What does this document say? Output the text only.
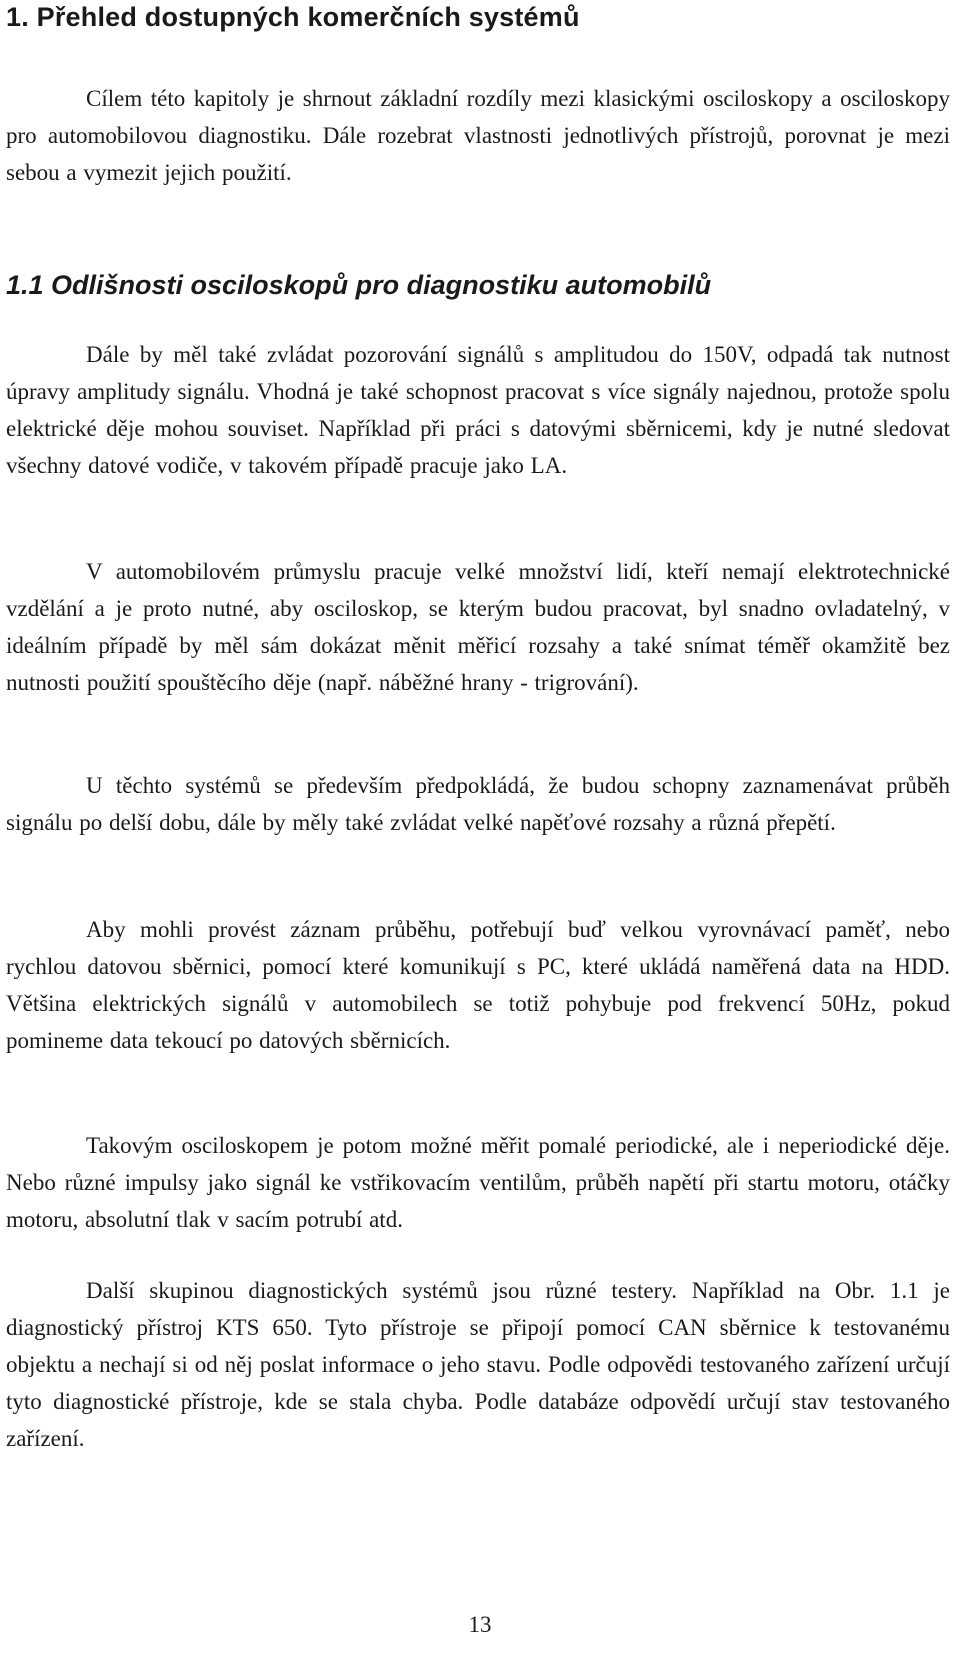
1. Přehled dostupných komerčních systémů

Cílem této kapitoly je shrnout základní rozdíly mezi klasickými osciloskopy a osciloskopy pro automobilovou diagnostiku. Dále rozebrat vlastnosti jednotlivých přístrojů, porovnat je mezi sebou a vymezit jejich použití.

1.1 Odlišnosti osciloskopů pro diagnostiku automobilů

Dále by měl také zvládat pozorování signálů s amplitudou do 150V, odpadá tak nutnost úpravy amplitudy signálu. Vhodná je také schopnost pracovat s více signály najednou, protože spolu elektrické děje mohou souviset. Například při práci s datovými sběrnicemi, kdy je nutné sledovat všechny datové vodiče, v takovém případě pracuje jako LA.

V automobilovém průmyslu pracuje velké množství lidí, kteří nemají elektrotechnické vzdělání a je proto nutné, aby osciloskop, se kterým budou pracovat, byl snadno ovladatelný, v ideálním případě by měl sám dokázat měnit měřicí rozsahy a také snímat téměř okamžitě bez nutnosti použití spouštěcího děje (např. náběžné hrany - trigrování).

U těchto systémů se především předpokládá, že budou schopny zaznamenávat průběh signálu po delší dobu, dále by měly také zvládat velké napěťové rozsahy a různá přepětí.

Aby mohli provést záznam průběhu, potřebují buď velkou vyrovnávací paměť, nebo rychlou datovou sběrnici, pomocí které komunikují s PC, které ukládá naměřená data na HDD. Většina elektrických signálů v automobilech se totiž pohybuje pod frekvencí 50Hz, pokud pomineme data tekoucí po datových sběrnicích.

Takovým osciloskopem je potom možné měřit pomalé periodické, ale i neperiodické děje. Nebo různé impulsy jako signál ke vstřikovacím ventilům, průběh napětí při startu motoru, otáčky motoru, absolutní tlak v sacím potrubí atd.

Další skupinou diagnostických systémů jsou různé testery. Například na Obr. 1.1 je diagnostický přístroj KTS 650. Tyto přístroje se připojí pomocí CAN sběrnice k testovanému objektu a nechají si od něj poslat informace o jeho stavu. Podle odpovědi testovaného zařízení určují tyto diagnostické přístroje, kde se stala chyba. Podle databáze odpovědí určují stav testovaného zařízení.

13
